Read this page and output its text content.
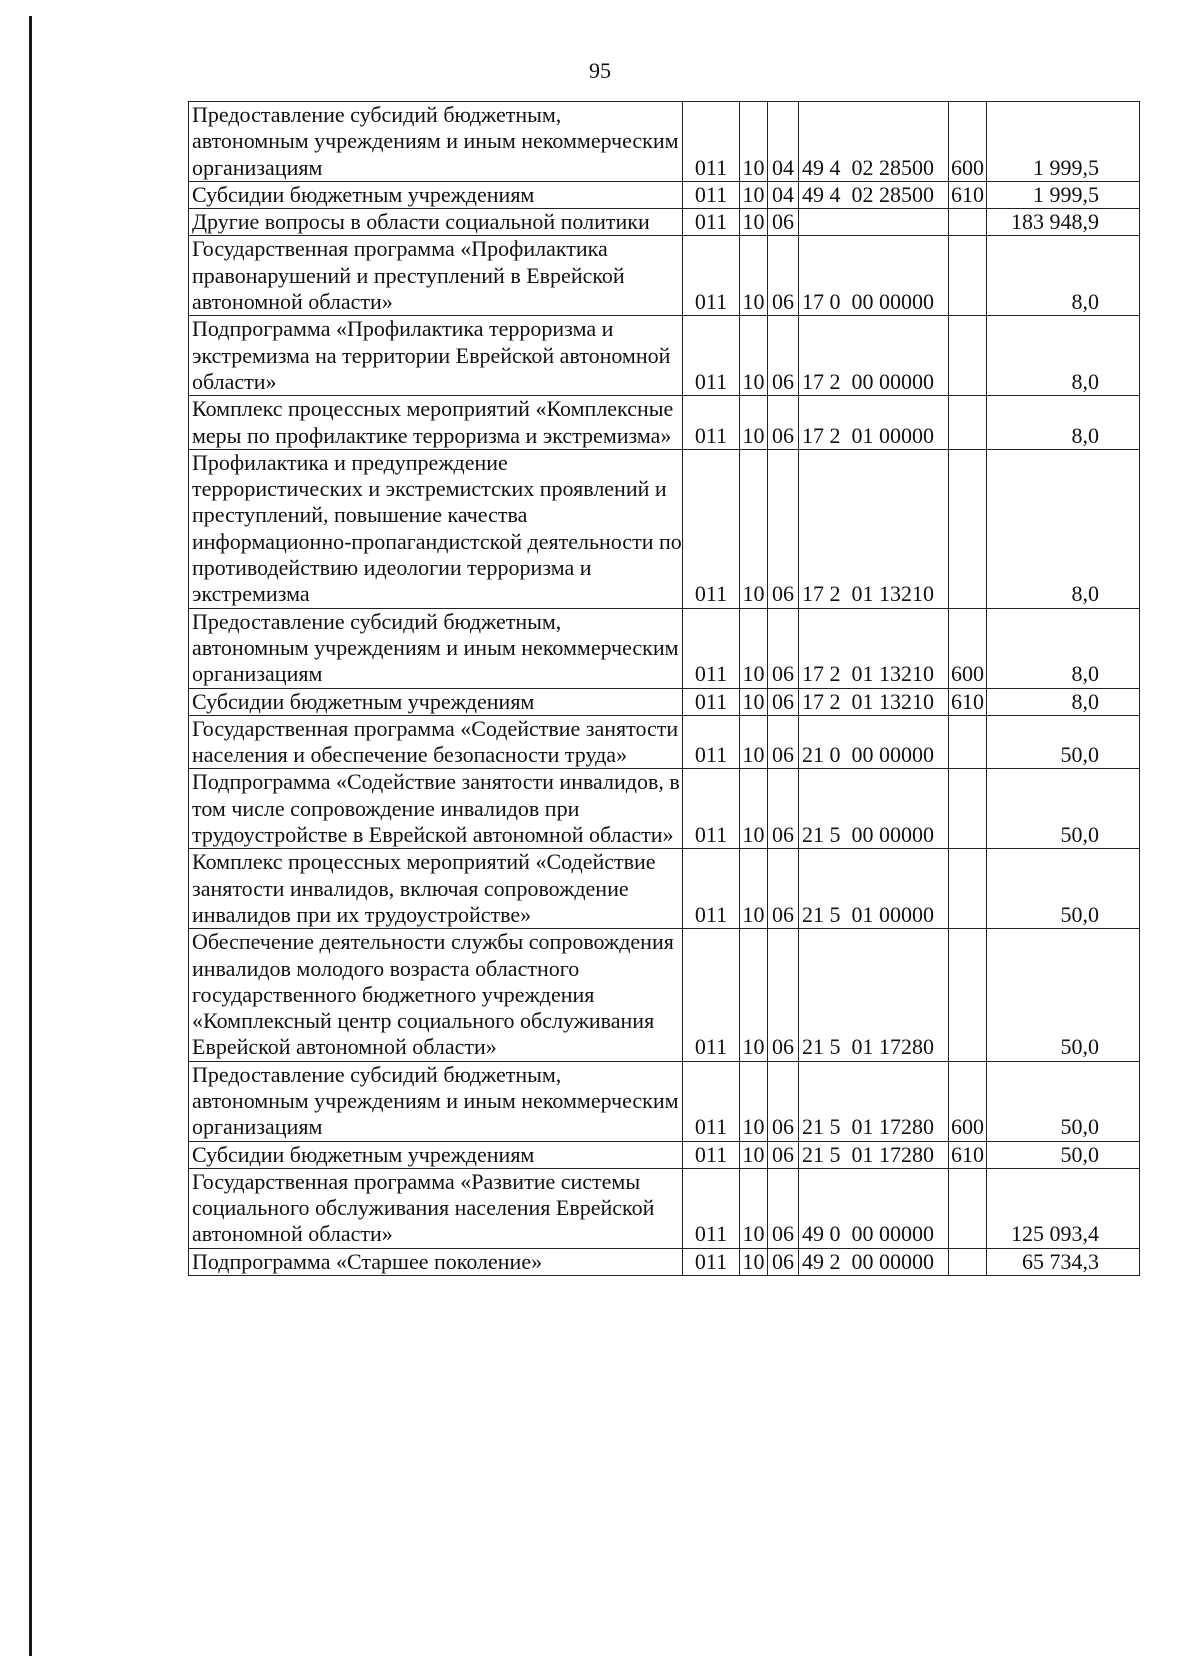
95
Предоставление субсидий бюджетным, автономным учреждениям и иным некоммерческим организациям	011	10	04	49 4  02 28500	600	1 999,5
Субсидии бюджетным учреждениям	011	10	04	49 4  02 28500	610	1 999,5
Другие вопросы в области социальной политики	011	10	06			183 948,9
Государственная программа «Профилактика правонарушений и преступлений в Еврейской автономной области»	011	10	06	17 0  00 00000		8,0
Подпрограмма «Профилактика терроризма и экстремизма на территории Еврейской автономной области»	011	10	06	17 2  00 00000		8,0
Комплекс процессных мероприятий «Комплексные меры по профилактике терроризма и экстремизма»	011	10	06	17 2  01 00000		8,0
Профилактика и предупреждение террористических и экстремистских проявлений и преступлений, повышение качества информационно-пропагандистской деятельности по противодействию идеологии терроризма и экстремизма	011	10	06	17 2  01 13210		8,0
Предоставление субсидий бюджетным, автономным учреждениям и иным некоммерческим организациям	011	10	06	17 2  01 13210	600	8,0
Субсидии бюджетным учреждениям	011	10	06	17 2  01 13210	610	8,0
Государственная программа «Содействие занятости населения и обеспечение безопасности труда»	011	10	06	21 0  00 00000		50,0
Подпрограмма «Содействие занятости инвалидов, в том числе сопровождение инвалидов при трудоустройстве в Еврейской автономной области»	011	10	06	21 5  00 00000		50,0
Комплекс процессных мероприятий «Содействие занятости инвалидов, включая сопровождение инвалидов при их трудоустройстве»	011	10	06	21 5  01 00000		50,0
Обеспечение деятельности службы сопровождения инвалидов молодого возраста областного государственного бюджетного учреждения «Комплексный центр социального обслуживания Еврейской автономной области»	011	10	06	21 5  01 17280		50,0
Предоставление субсидий бюджетным, автономным учреждениям и иным некоммерческим организациям	011	10	06	21 5  01 17280	600	50,0
Субсидии бюджетным учреждениям	011	10	06	21 5  01 17280	610	50,0
Государственная программа «Развитие системы социального обслуживания населения Еврейской автономной области»	011	10	06	49 0  00 00000		125 093,4
Подпрограмма «Старшее поколение»	011	10	06	49 2  00 00000		65 734,3
